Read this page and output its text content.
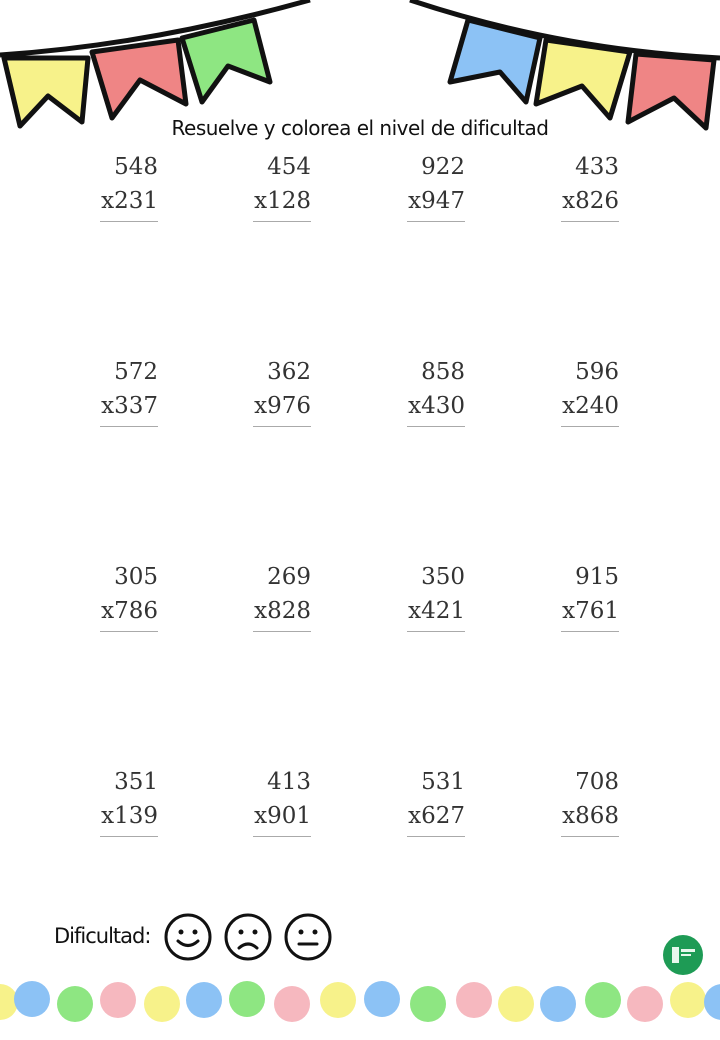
Resuelve y colorea el nivel de dificultad
548
x231
454
x128
922
x947
433
x826
572
x337
362
x976
858
x430
596
x240
305
x786
269
x828
350
x421
915
x761
351
x139
413
x901
531
x627
708
x868
Dificultad:
